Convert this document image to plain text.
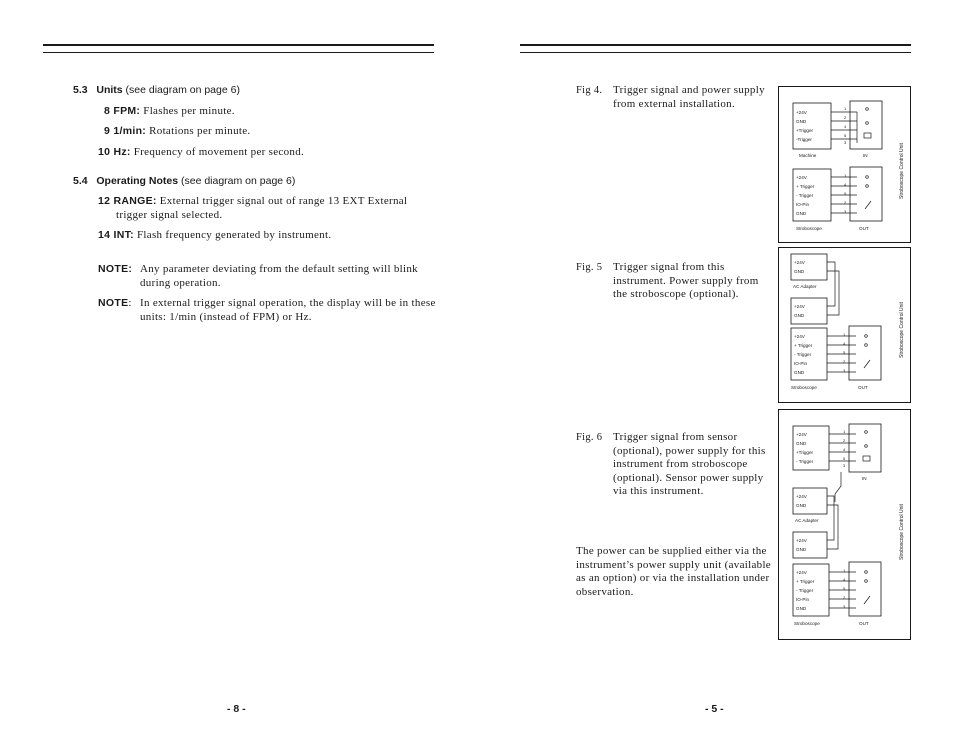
5.3 Units (see diagram on page 6)
8 FPM: Flashes per minute.
9 1/min: Rotations per minute.
10 Hz: Frequency of movement per second.
5.4 Operating Notes (see diagram on page 6)
12 RANGE: External trigger signal out of range 13 EXT External
trigger signal selected.
14 INT: Flash frequency generated by instrument.
NOTE: Any parameter deviating from the default setting will blink
during operation.
NOTE: In external trigger signal operation, the display will be in these
units: 1/min (instead of FPM) or Hz.
- 8 -
Fig 4. Trigger signal and power supply
from external installation.
Fig. 5 Trigger signal from this
instrument. Power supply from
the stroboscope (optional).
Fig. 6 Trigger signal from sensor
(optional), power supply for this
instrument from stroboscope
(optional). Sensor power supply
via this instrument.
The power can be supplied either via the
instrument’s power supply unit (available
as an option) or via the installation under
observation.
- 5 -
+24V
GND
+Trigger
-Trigger
Machine	IN
1
2
4
5
3
+24V
+ Trigger
- Trigger
IO-Pin
GND
Stroboscope	OUT
1
4
5
2
3
Stroboscope Control Unit
+24V
GND
AC Adapter
+24V
GND
+24V
+ Trigger
- Trigger
IO-Pin
GND
Stroboscope	OUT
1
4
5
2
3
Stroboscope Control Unit
+24V
GND
+Trigger
- Trigger
IN
1
2
4
5
3
+24V
GND
AC Adapter
+24V
GND
+24V
+ Trigger
- Trigger
IO-Pin
GND
Stroboscope	OUT
1
4
5
2
3
Stroboscope Control Unit
